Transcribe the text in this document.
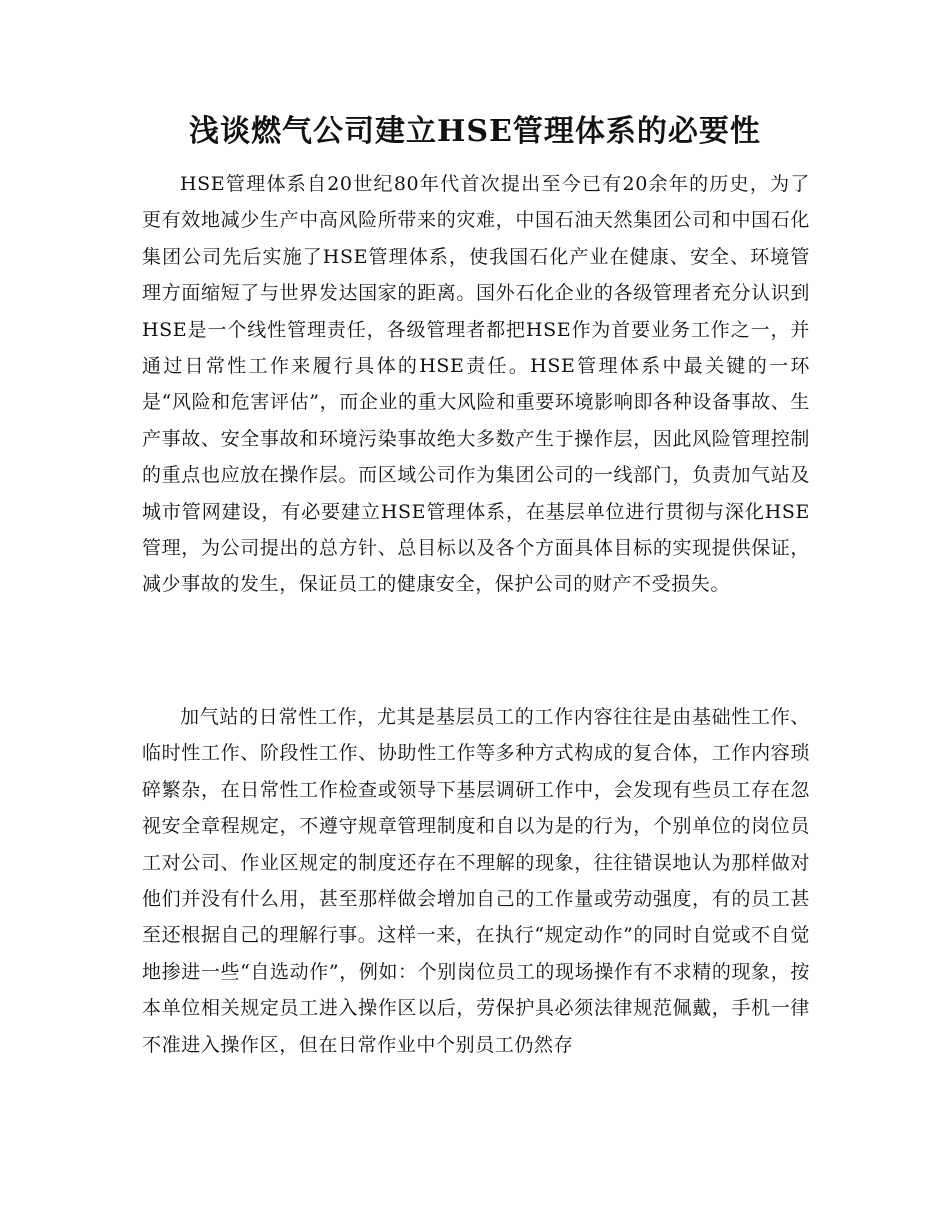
浅谈燃气公司建立HSE管理体系的必要性

HSE管理体系自20世纪80年代首次提出至今已有20余年的历史，为了更有效地减少生产中高风险所带来的灾难，中国石油天然集团公司和中国石化集团公司先后实施了HSE管理体系，使我国石化产业在健康、安全、环境管理方面缩短了与世界发达国家的距离。国外石化企业的各级管理者充分认识到HSE是一个线性管理责任，各级管理者都把HSE作为首要业务工作之一，并通过日常性工作来履行具体的HSE责任。HSE管理体系中最关键的一环是“风险和危害评估”，而企业的重大风险和重要环境影响即各种设备事故、生产事故、安全事故和环境污染事故绝大多数产生于操作层，因此风险管理控制的重点也应放在操作层。而区域公司作为集团公司的一线部门，负责加气站及城市管网建设，有必要建立HSE管理体系，在基层单位进行贯彻与深化HSE管理，为公司提出的总方针、总目标以及各个方面具体目标的实现提供保证，减少事故的发生，保证员工的健康安全，保护公司的财产不受损失。

加气站的日常性工作，尤其是基层员工的工作内容往往是由基础性工作、临时性工作、阶段性工作、协助性工作等多种方式构成的复合体，工作内容琐碎繁杂，在日常性工作检查或领导下基层调研工作中，会发现有些员工存在忽视安全章程规定，不遵守规章管理制度和自以为是的行为，个别单位的岗位员工对公司、作业区规定的制度还存在不理解的现象，往往错误地认为那样做对他们并没有什么用，甚至那样做会增加自己的工作量或劳动强度，有的员工甚至还根据自己的理解行事。这样一来，在执行“规定动作”的同时自觉或不自觉地掺进一些“自选动作”，例如：个别岗位员工的现场操作有不求精的现象，按本单位相关规定员工进入操作区以后，劳保护具必须法律规范佩戴，手机一律不准进入操作区，但在日常作业中个别员工仍然存
